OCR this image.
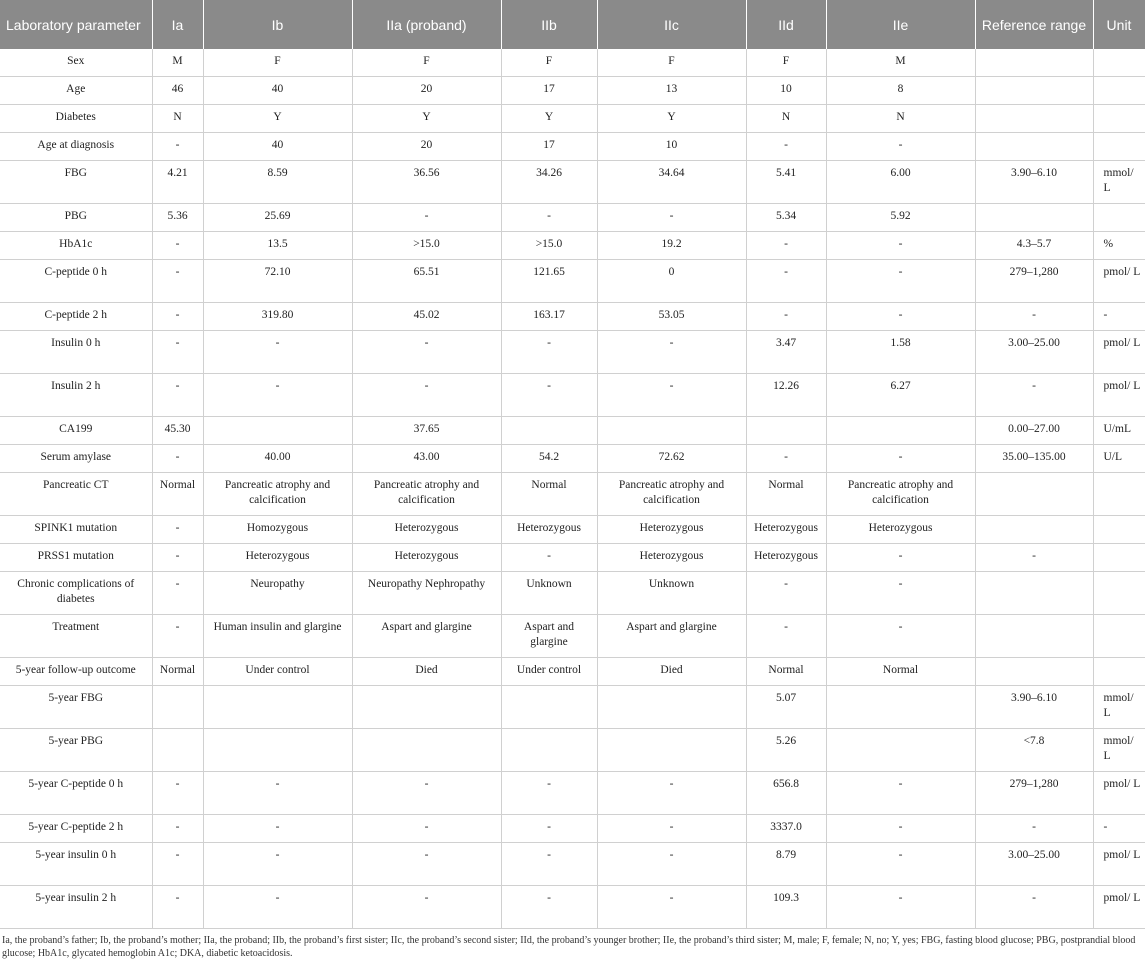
Laboratory parameter	Ia	Ib	IIa (proband)	IIb	IIc	IId	IIe	Reference range	Unit
Sex	M	F	F	F	F	F	M		
Age	46	40	20	17	13	10	8		
Diabetes	N	Y	Y	Y	Y	N	N		
Age at diagnosis	-	40	20	17	10	-	-		
FBG	4.21	8.59	36.56	34.26	34.64	5.41	6.00	3.90–6.10	mmol/ L
PBG	5.36	25.69	-	-	-	5.34	5.92		
HbA1c	-	13.5	>15.0	>15.0	19.2	-	-	4.3–5.7	%
C-peptide 0 h	-	72.10	65.51	121.65	0	-	-	279–1,280	pmol/ L
C-peptide 2 h	-	319.80	45.02	163.17	53.05	-	-	-	-
Insulin 0 h	-	-	-	-	-	3.47	1.58	3.00–25.00	pmol/ L
Insulin 2 h	-	-	-	-	-	12.26	6.27	-	pmol/ L
CA199	45.30		37.65					0.00–27.00	U/mL
Serum amylase	-	40.00	43.00	54.2	72.62	-	-	35.00–135.00	U/L
Pancreatic CT	Normal	Pancreatic atrophy and calcification	Pancreatic atrophy and calcification	Normal	Pancreatic atrophy and calcification	Normal	Pancreatic atrophy and calcification		
SPINK1 mutation	-	Homozygous	Heterozygous	Heterozygous	Heterozygous	Heterozygous	Heterozygous		
PRSS1 mutation	-	Heterozygous	Heterozygous	-	Heterozygous	Heterozygous	-	-	
Chronic complications of diabetes	-	Neuropathy	Neuropathy Nephropathy	Unknown	Unknown	-	-		
Treatment	-	Human insulin and glargine	Aspart and glargine	Aspart and glargine	Aspart and glargine	-	-		
5-year follow-up outcome	Normal	Under control	Died	Under control	Died	Normal	Normal		
5-year FBG						5.07		3.90–6.10	mmol/ L
5-year PBG						5.26		<7.8	mmol/ L
5-year C-peptide 0 h	-	-	-	-	-	656.8	-	279–1,280	pmol/ L
5-year C-peptide 2 h	-	-	-	-	-	3337.0	-	-	-
5-year insulin 0 h	-	-	-	-	-	8.79	-	3.00–25.00	pmol/ L
5-year insulin 2 h	-	-	-	-	-	109.3	-	-	pmol/ L
Ia, the proband’s father; Ib, the proband’s mother; IIa, the proband; IIb, the proband’s first sister; IIc, the proband’s second sister; IId, the proband’s younger brother; IIe, the proband’s third sister; M, male; F, female; N, no; Y, yes; FBG, fasting blood glucose; PBG, postprandial blood glucose; HbA1c, glycated hemoglobin A1c; DKA, diabetic ketoacidosis.
